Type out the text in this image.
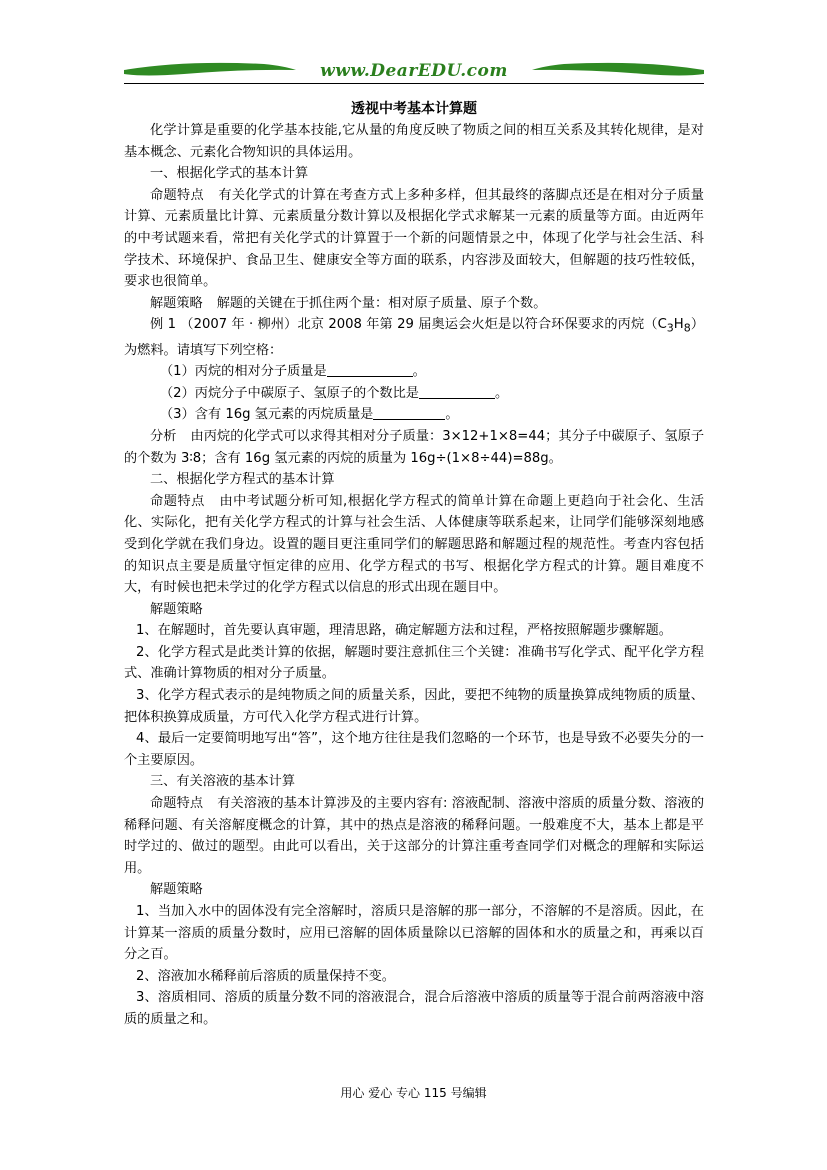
www.DearEDU.com
透视中考基本计算题

化学计算是重要的化学基本技能,它从量的角度反映了物质之间的相互关系及其转化规律，是对基本概念、元素化合物知识的具体运用。

一、根据化学式的基本计算

命题特点 有关化学式的计算在考查方式上多种多样，但其最终的落脚点还是在相对分子质量计算、元素质量比计算、元素质量分数计算以及根据化学式求解某一元素的质量等方面。由近两年的中考试题来看，常把有关化学式的计算置于一个新的问题情景之中，体现了化学与社会生活、科学技术、环境保护、食品卫生、健康安全等方面的联系，内容涉及面较大，但解题的技巧性较低，要求也很简单。

解题策略 解题的关键在于抓住两个量：相对原子质量、原子个数。

例 1 （2007 年 · 柳州）北京 2008 年第 29 届奥运会火炬是以符合环保要求的丙烷$(C_3H_8)$为燃料。请填写下列空格：

（1）丙烷的相对分子质量是	。

（2）丙烷分子中碳原子、氢原子的个数比是	。

（3）含有 16g 氢元素的丙烷质量是	。

分析 由丙烷的化学式可以求得其相对分子质量：3×12+1×8=44；其分子中碳原子、氢原子的个数为 3∶8；含有 16g 氢元素的丙烷的质量为 16g÷(1×8÷44)=88g。

二、根据化学方程式的基本计算

命题特点 由中考试题分析可知,根据化学方程式的简单计算在命题上更趋向于社会化、生活化、实际化，把有关化学方程式的计算与社会生活、人体健康等联系起来，让同学们能够深刻地感受到化学就在我们身边。设置的题目更注重同学们的解题思路和解题过程的规范性。考查内容包括的知识点主要是质量守恒定律的应用、化学方程式的书写、根据化学方程式的计算。题目难度不大，有时候也把未学过的化学方程式以信息的形式出现在题目中。

解题策略

1、在解题时，首先要认真审题，理清思路，确定解题方法和过程，严格按照解题步骤解题。

2、化学方程式是此类计算的依据，解题时要注意抓住三个关键：准确书写化学式、配平化学方程式、准确计算物质的相对分子质量。

3、化学方程式表示的是纯物质之间的质量关系，因此，要把不纯物的质量换算成纯物质的质量、把体积换算成质量，方可代入化学方程式进行计算。

4、最后一定要简明地写出“答”，这个地方往往是我们忽略的一个环节，也是导致不必要失分的一个主要原因。

三、有关溶液的基本计算

命题特点 有关溶液的基本计算涉及的主要内容有: 溶液配制、溶液中溶质的质量分数、溶液的稀释问题、有关溶解度概念的计算，其中的热点是溶液的稀释问题。一般难度不大，基本上都是平时学过的、做过的题型。由此可以看出，关于这部分的计算注重考查同学们对概念的理解和实际运用。

解题策略

1、当加入水中的固体没有完全溶解时，溶质只是溶解的那一部分，不溶解的不是溶质。因此，在计算某一溶质的质量分数时，应用已溶解的固体质量除以已溶解的固体和水的质量之和，再乘以百分之百。

2、溶液加水稀释前后溶质的质量保持不变。

3、溶质相同、溶质的质量分数不同的溶液混合，混合后溶液中溶质的质量等于混合前两溶液中溶质的质量之和。

用心 爱心 专心 115 号编辑
